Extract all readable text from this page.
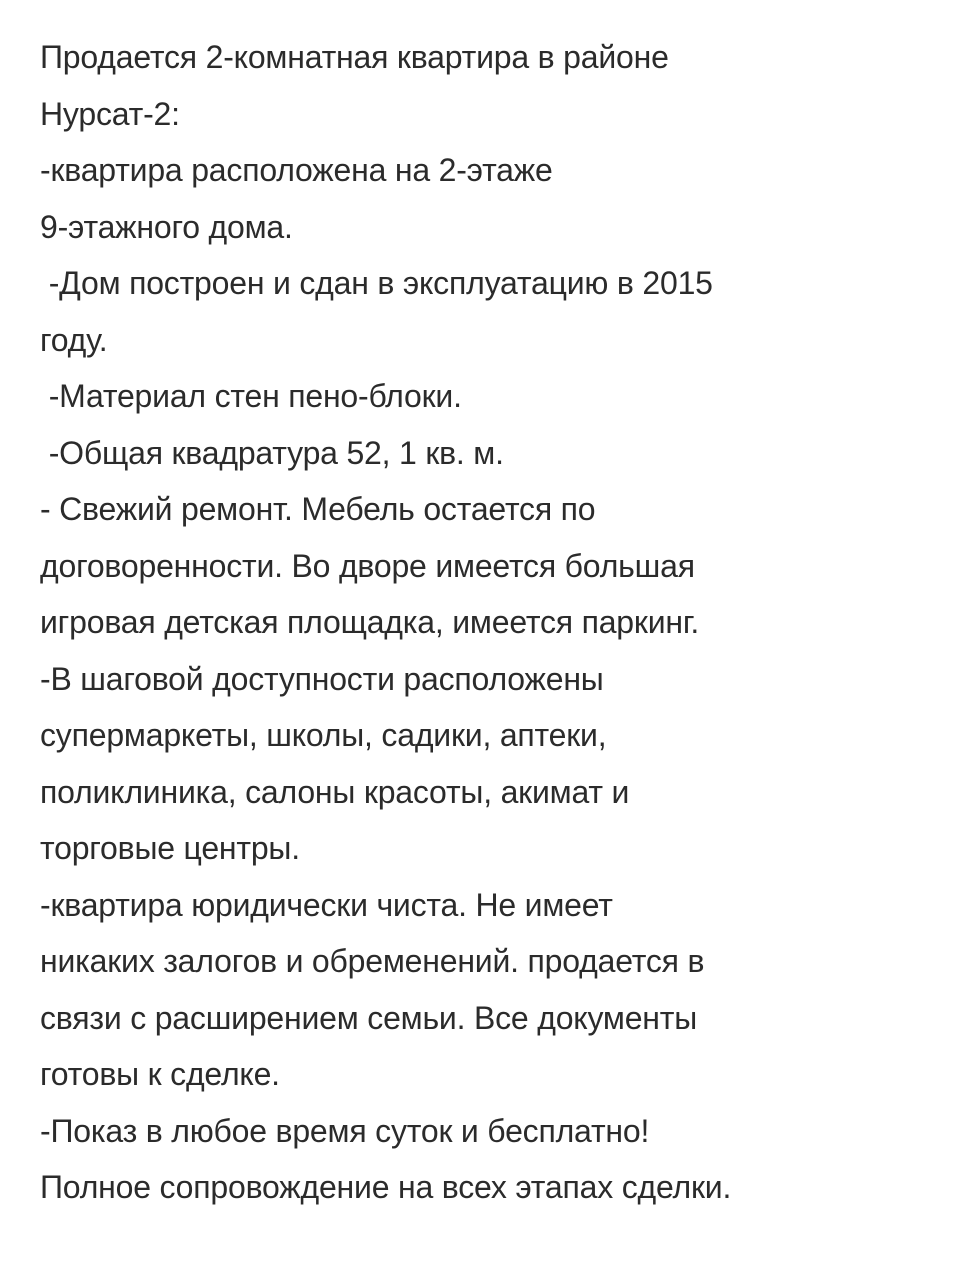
Продается 2-комнатная квартира в районе
Нурсат-2:
-квартира расположена на 2-этаже
9-этажного дома.
-Дом построен и сдан в эксплуатацию в 2015
году.
-Материал стен пено-блоки.
-Общая квадратура 52, 1 кв. м.
- Свежий ремонт. Мебель остается по
договоренности. Во дворе имеется большая
игровая детская площадка, имеется паркинг.
-В шаговой доступности расположены
супермаркеты, школы, садики, аптеки,
поликлиника, салоны красоты, акимат и
торговые центры.
-квартира юридически чиста. Не имеет
никаких залогов и обременений. продается в
связи с расширением семьи. Все документы
готовы к сделке.
-Показ в любое время суток и бесплатно!
Полное сопровождение на всех этапах сделки.
